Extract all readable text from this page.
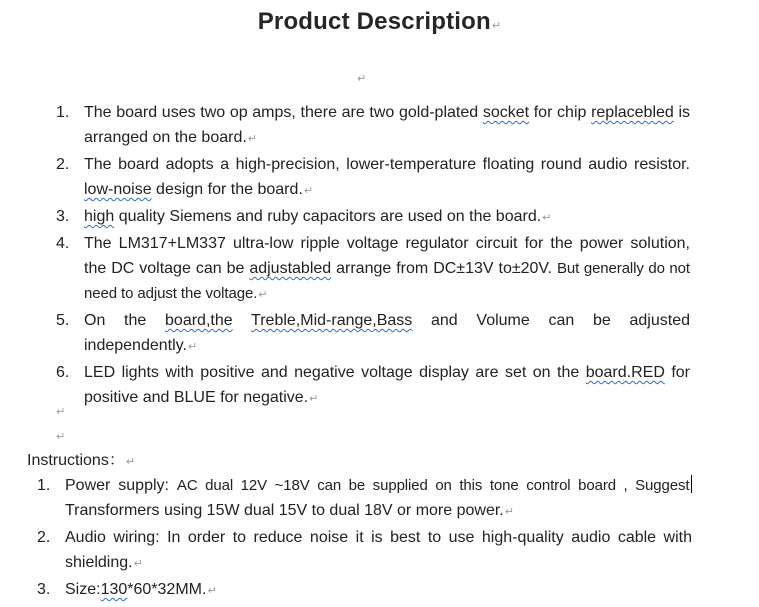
Product Description↵
↵
1. The board uses two op amps, there are two gold-plated socket for chip replacebled is arranged on the board.↵
2. The board adopts a high-precision, lower-temperature floating round audio resistor. low-noise design for the board.↵
3. high quality Siemens and ruby capacitors are used on the board.↵
4. The LM317+LM337 ultra-low ripple voltage regulator circuit for the power solution, the DC voltage can be adjustabled arrange from DC±13V to±20V. But generally do not need to adjust the voltage.↵
5. On the board,the Treble,Mid-range,Bass and Volume can be adjusted independently.↵
6. LED lights with positive and negative voltage display are set on the board.RED for positive and BLUE for negative.↵
↵
↵
Instructions：↵
1. Power supply: AC dual 12V ~18V can be supplied on this tone control board , Suggest Transformers using 15W dual 15V to dual 18V or more power.↵
2. Audio wiring: In order to reduce noise it is best to use high-quality audio cable with shielding.↵
3. Size:130*60*32MM.↵
